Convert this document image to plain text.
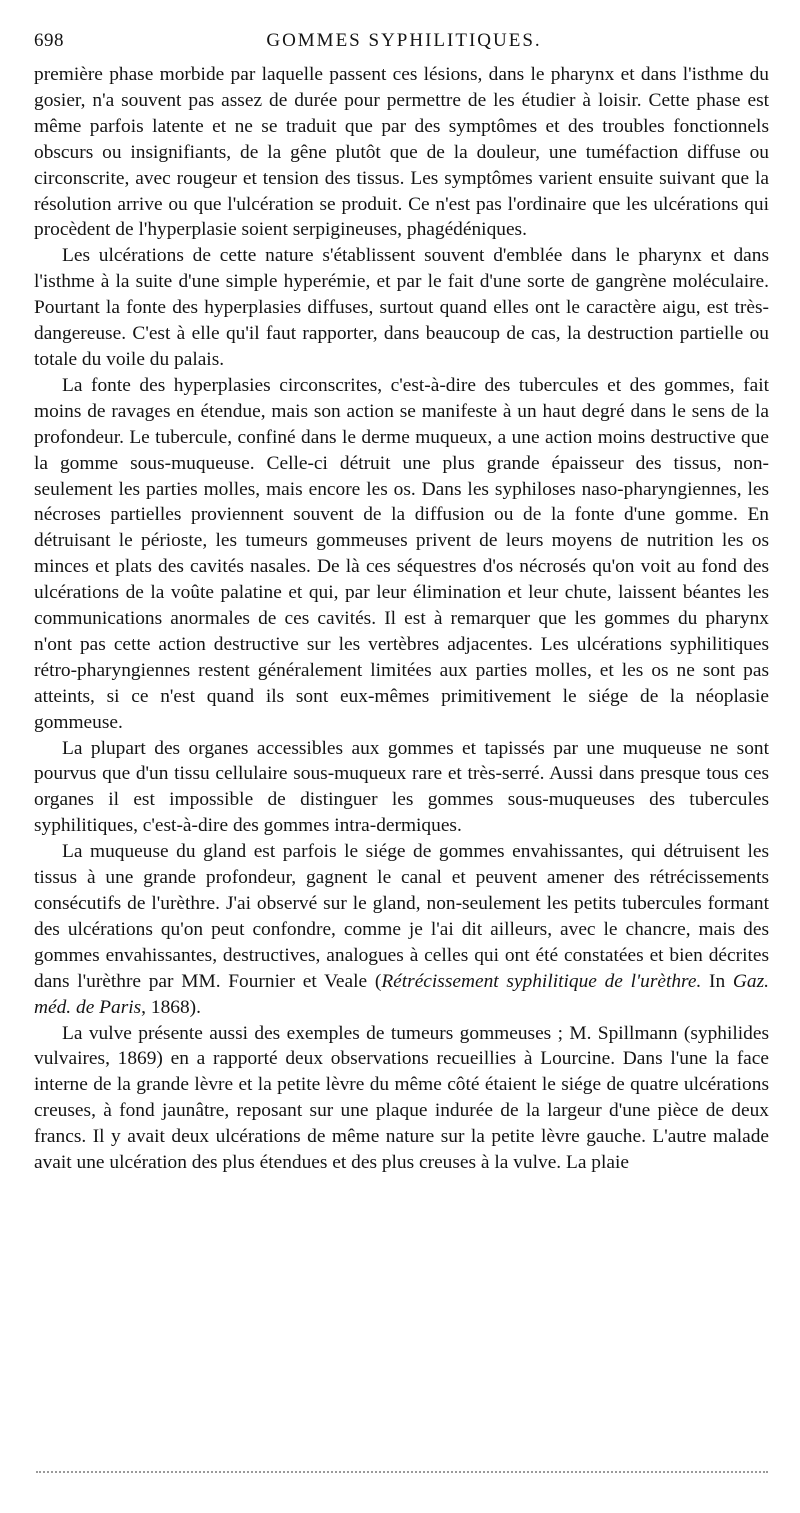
698	GOMMES SYPHILITIQUES.

première phase morbide par laquelle passent ces lésions, dans le pharynx et dans l'isthme du gosier, n'a souvent pas assez de durée pour permettre de les étudier à loisir. Cette phase est même parfois latente et ne se traduit que par des symptômes et des troubles fonctionnels obscurs ou insignifiants, de la gêne plutôt que de la douleur, une tuméfaction diffuse ou circonscrite, avec rougeur et tension des tissus. Les symptômes varient ensuite suivant que la résolution arrive ou que l'ulcération se produit. Ce n'est pas l'ordinaire que les ulcérations qui procèdent de l'hyperplasie soient serpigineuses, phagédéniques.

Les ulcérations de cette nature s'établissent souvent d'emblée dans le pharynx et dans l'isthme à la suite d'une simple hyperémie, et par le fait d'une sorte de gangrène moléculaire. Pourtant la fonte des hyperplasies diffuses, surtout quand elles ont le caractère aigu, est très-dangereuse. C'est à elle qu'il faut rapporter, dans beaucoup de cas, la destruction partielle ou totale du voile du palais.

La fonte des hyperplasies circonscrites, c'est-à-dire des tubercules et des gommes, fait moins de ravages en étendue, mais son action se manifeste à un haut degré dans le sens de la profondeur. Le tubercule, confiné dans le derme muqueux, a une action moins destructive que la gomme sous-muqueuse. Celle-ci détruit une plus grande épaisseur des tissus, non-seulement les parties molles, mais encore les os. Dans les syphiloses naso-pharyngiennes, les nécroses partielles proviennent souvent de la diffusion ou de la fonte d'une gomme. En détruisant le périoste, les tumeurs gommeuses privent de leurs moyens de nutrition les os minces et plats des cavités nasales. De là ces séquestres d'os nécrosés qu'on voit au fond des ulcérations de la voûte palatine et qui, par leur élimination et leur chute, laissent béantes les communications anormales de ces cavités. Il est à remarquer que les gommes du pharynx n'ont pas cette action destructive sur les vertèbres adjacentes. Les ulcérations syphilitiques rétro-pharyngiennes restent généralement limitées aux parties molles, et les os ne sont pas atteints, si ce n'est quand ils sont eux-mêmes primitivement le siége de la néoplasie gommeuse.

La plupart des organes accessibles aux gommes et tapissés par une muqueuse ne sont pourvus que d'un tissu cellulaire sous-muqueux rare et très-serré. Aussi dans presque tous ces organes il est impossible de distinguer les gommes sous-muqueuses des tubercules syphilitiques, c'est-à-dire des gommes intra-dermiques.

La muqueuse du gland est parfois le siége de gommes envahissantes, qui détruisent les tissus à une grande profondeur, gagnent le canal et peuvent amener des rétrécissements consécutifs de l'urèthre. J'ai observé sur le gland, non-seulement les petits tubercules formant des ulcérations qu'on peut confondre, comme je l'ai dit ailleurs, avec le chancre, mais des gommes envahissantes, destructives, analogues à celles qui ont été constatées et bien décrites dans l'urèthre par MM. Fournier et Veale (Rétrécissement syphilitique de l'urèthre. In Gaz. méd. de Paris, 1868).

La vulve présente aussi des exemples de tumeurs gommeuses ; M. Spillmann (syphilides vulvaires, 1869) en a rapporté deux observations recueillies à Lourcine. Dans l'une la face interne de la grande lèvre et la petite lèvre du même côté étaient le siége de quatre ulcérations creuses, à fond jaunâtre, reposant sur une plaque indurée de la largeur d'une pièce de deux francs. Il y avait deux ulcérations de même nature sur la petite lèvre gauche. L'autre malade avait une ulcération des plus étendues et des plus creuses à la vulve. La plaie
